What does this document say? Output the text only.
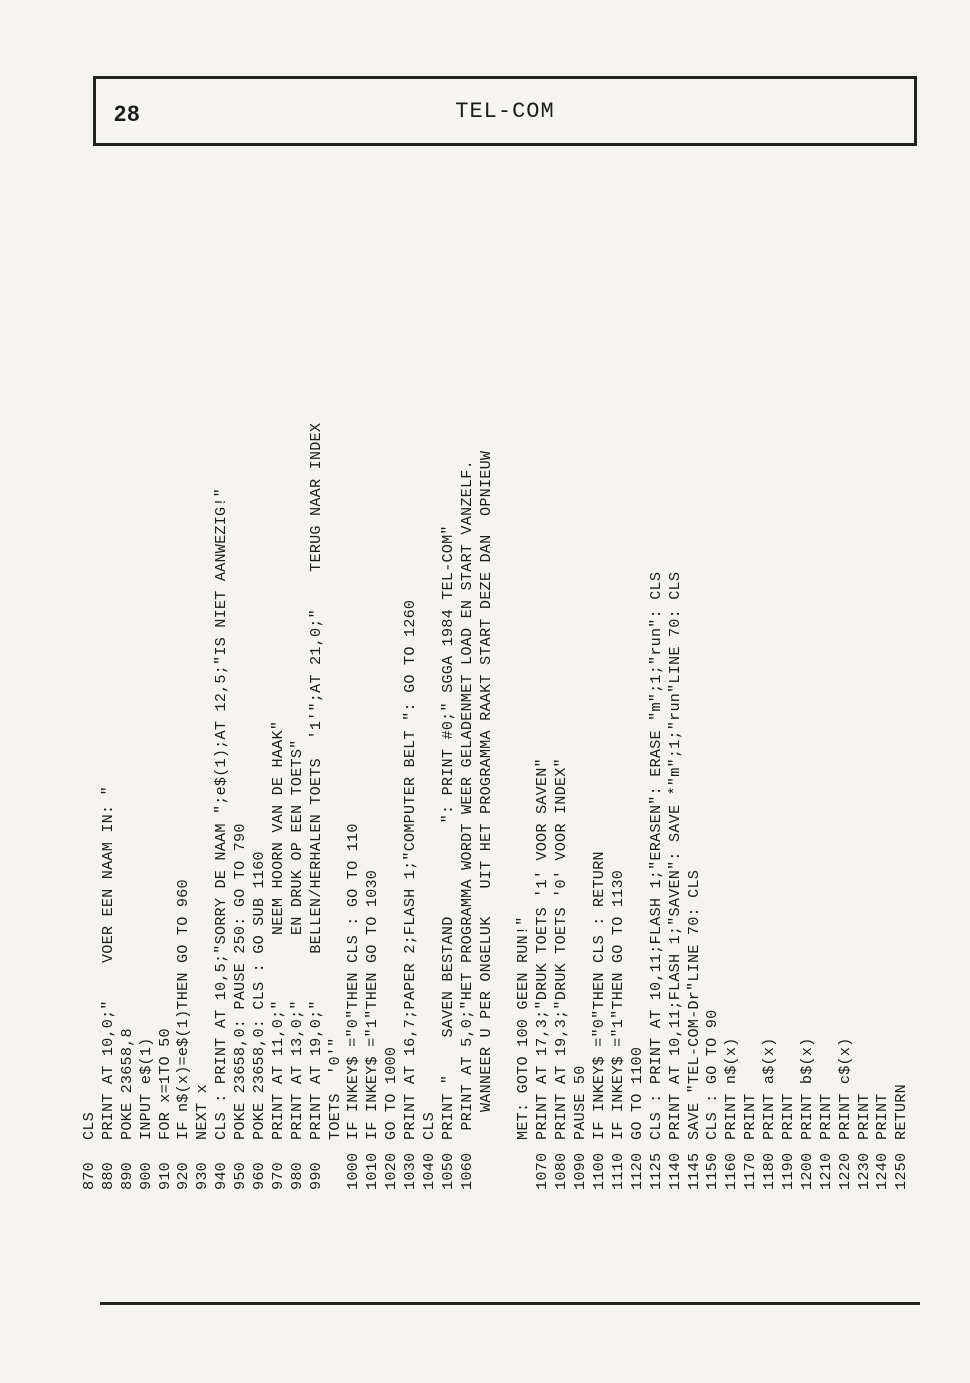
28	TEL-COM
870CLS
880PRINT AT 10,0;"    VOER EEN NAAM IN: "
890POKE 23658,8
900INPUT e$(1)
910FOR x=1TO 50
920IF n$(x)=e$(1)THEN GO TO 960
930NEXT x
940CLS : PRINT AT 10,5;"SORRY DE NAAM ";e$(1);AT 12,5;"IS NIET AANWEZIG!"
950POKE 23658,0: PAUSE 250: GO TO 790
960POKE 23658,0: CLS : GO SUB 1160
970PRINT AT 11,0;"       NEEM HOORN VAN DE HAAK"
980PRINT AT 13,0;"       EN DRUK OP EEN TOETS"
990PRINT AT 19,0;"     BELLEN/HERHALEN TOETS  '1'";AT 21,0;"    TERUG NAAR INDEX TOETS  '0'"
1000IF INKEY$ ="0"THEN CLS : GO TO 110
1010IF INKEY$ ="1"THEN GO TO 1030
1020GO TO 1000
1030PRINT AT 16,7;PAPER 2;FLASH 1;"COMPUTER BELT ": GO TO 1260
1040CLS
1050PRINT "    SAVEN BESTAND          ": PRINT #0;" SGGA 1984 TEL-COM"
1060 PRINT AT 5,0;"HET PROGRAMMA WORDT WEER GELADENMET LOAD EN START VANZELF. WANNEER U PER ONGELUK   UIT HET PROGRAMMA RAAKT START DEZE DAN  OPNIEUW MET: GOTO 100 GEEN RUN!"
1070PRINT AT 17,3;"DRUK TOETS '1' VOOR SAVEN"
1080PRINT AT 19,3;"DRUK TOETS '0' VOOR INDEX"
1090PAUSE 50
1100IF INKEY$ ="0"THEN CLS : RETURN
1110IF INKEY$ ="1"THEN GO TO 1130
1120GO TO 1100
1125CLS : PRINT AT 10,11;FLASH 1;"ERASEN": ERASE "m";1;"run": CLS
1140PRINT AT 10,11;FLASH 1;"SAVEN": SAVE *"m";1;"run"LINE 70: CLS
1145SAVE "TEL-COM-Dr"LINE 70: CLS
1150CLS : GO TO 90
1160PRINT n$(x)
1170PRINT
1180PRINT a$(x)
1190PRINT
1200PRINT b$(x)
1210PRINT
1220PRINT c$(x)
1230PRINT
1240PRINT
1250RETURN
